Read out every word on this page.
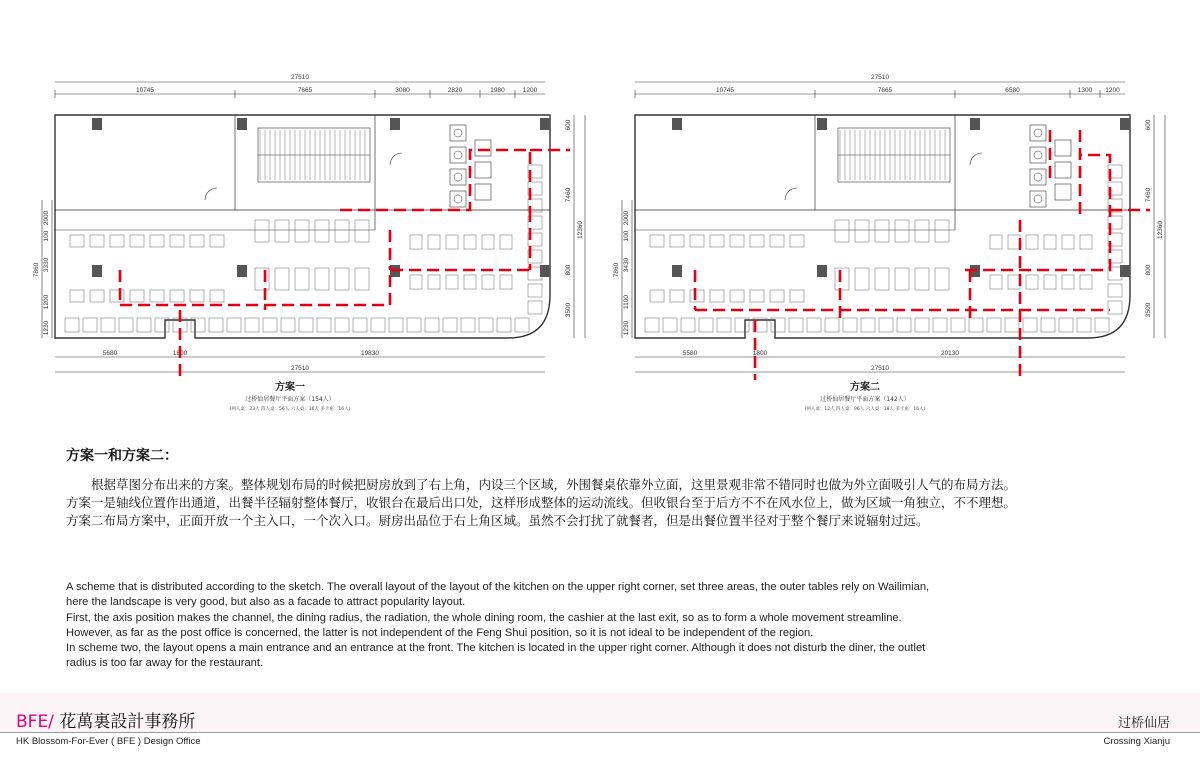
27510
10745	7665	3080	2820	1980	1200
5680	1800	19830
27510
2000
100
3330
1200
1230
7860
600
7460
12360
800
3500
方案一
过桥仙居餐厅平面方案（154人）
(两人桌：23人 四人桌：56人 六人桌：36人 多卡座：16人)
27510
10745	7665	6580	1300 1200
5580	1800	20130
27510
2000
100
3430
1100
1230
7860
600
7460
12360
800
3500
方案二
过桥仙居餐厅平面方案（142人）
(两人桌：12人 四人桌：96人 六人桌：18人 多卡座：16人)
方案一和方案二：

根据草图分布出来的方案。整体规划布局的时候把厨房放到了右上角，内设三个区域，外围餐桌依靠外立面，这里景观非常不错同时也做为外立面吸引人气的布局方法。

方案一是轴线位置作出通道，出餐半径辐射整体餐厅，收银台在最后出口处，这样形成整体的运动流线。但收银台至于后方不不在风水位上，做为区域一角独立，不不理想。

方案二布局方案中，正面开放一个主入口，一个次入口。厨房出品位于右上角区域。虽然不会打扰了就餐者，但是出餐位置半径对于整个餐厅来说辐射过远。

A scheme that is distributed according to the sketch. The overall layout of the layout of the kitchen on the upper right corner, set three areas, the outer tables rely on Wailimian,

here the landscape is very good, but also as a facade to attract popularity layout.

First, the axis position makes the channel, the dining radius, the radiation, the whole dining room, the cashier at the last exit, so as to form a whole movement streamline.

However, as far as the post office is concerned, the latter is not independent of the Feng Shui position, so it is not ideal to be independent of the region.

In scheme two, the layout opens a main entrance and an entrance at the front. The kitchen is located in the upper right corner. Although it does not disturb the diner, the outlet

radius is too far away for the restaurant.

BFE/ 花萬裏設計事務所
HK Blossom-For-Ever ( BFE ) Design Office
过桥仙居
Crossing Xianju
